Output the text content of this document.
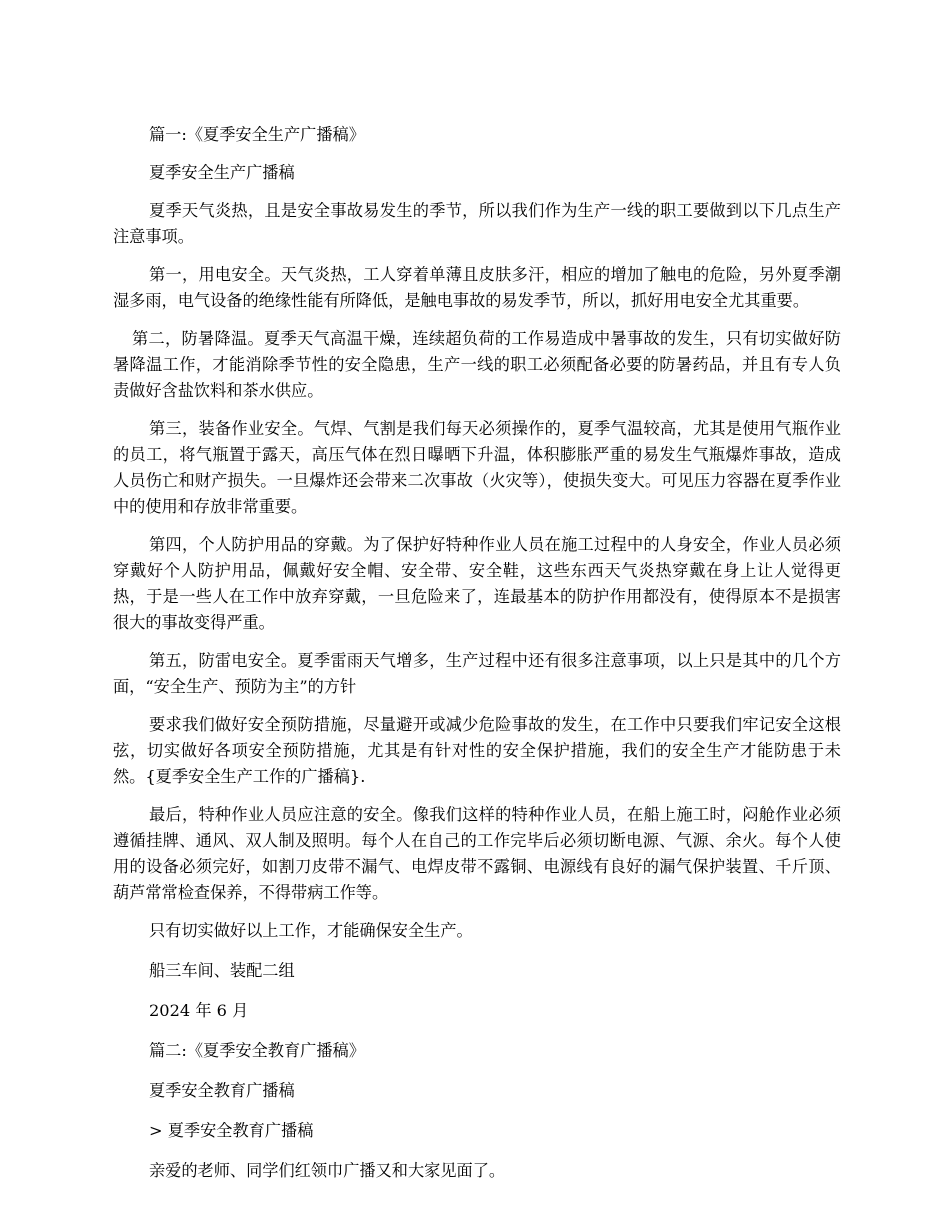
篇一:《夏季安全生产广播稿》

夏季安全生产广播稿

夏季天气炎热，且是安全事故易发生的季节，所以我们作为生产一线的职工要做到以下几点生产注意事项。

第一，用电安全。天气炎热，工人穿着单薄且皮肤多汗，相应的增加了触电的危险，另外夏季潮湿多雨，电气设备的绝缘性能有所降低，是触电事故的易发季节，所以，抓好用电安全尤其重要。

第二，防暑降温。夏季天气高温干燥，连续超负荷的工作易造成中暑事故的发生，只有切实做好防暑降温工作，才能消除季节性的安全隐患，生产一线的职工必须配备必要的防暑药品，并且有专人负责做好含盐饮料和茶水供应。

第三，装备作业安全。气焊、气割是我们每天必须操作的，夏季气温较高，尤其是使用气瓶作业的员工，将气瓶置于露天，高压气体在烈日曝晒下升温，体积膨胀严重的易发生气瓶爆炸事故，造成人员伤亡和财产损失。一旦爆炸还会带来二次事故（火灾等），使损失变大。可见压力容器在夏季作业中的使用和存放非常重要。

第四，个人防护用品的穿戴。为了保护好特种作业人员在施工过程中的人身安全，作业人员必须穿戴好个人防护用品，佩戴好安全帽、安全带、安全鞋，这些东西天气炎热穿戴在身上让人觉得更热，于是一些人在工作中放弃穿戴，一旦危险来了，连最基本的防护作用都没有，使得原本不是损害很大的事故变得严重。

第五，防雷电安全。夏季雷雨天气增多，生产过程中还有很多注意事项，以上只是其中的几个方面，“安全生产、预防为主”的方针

要求我们做好安全预防措施，尽量避开或减少危险事故的发生，在工作中只要我们牢记安全这根弦，切实做好各项安全预防措施，尤其是有针对性的安全保护措施，我们的安全生产才能防患于未然。{夏季安全生产工作的广播稿}.

最后，特种作业人员应注意的安全。像我们这样的特种作业人员，在船上施工时，闷舱作业必须遵循挂牌、通风、双人制及照明。每个人在自己的工作完毕后必须切断电源、气源、余火。每个人使用的设备必须完好，如割刀皮带不漏气、电焊皮带不露铜、电源线有良好的漏气保护装置、千斤顶、葫芦常常检查保养，不得带病工作等。

只有切实做好以上工作，才能确保安全生产。

船三车间、装配二组

2024 年 6 月

篇二:《夏季安全教育广播稿》

夏季安全教育广播稿

> 夏季安全教育广播稿

亲爱的老师、同学们红领巾广播又和大家见面了。
